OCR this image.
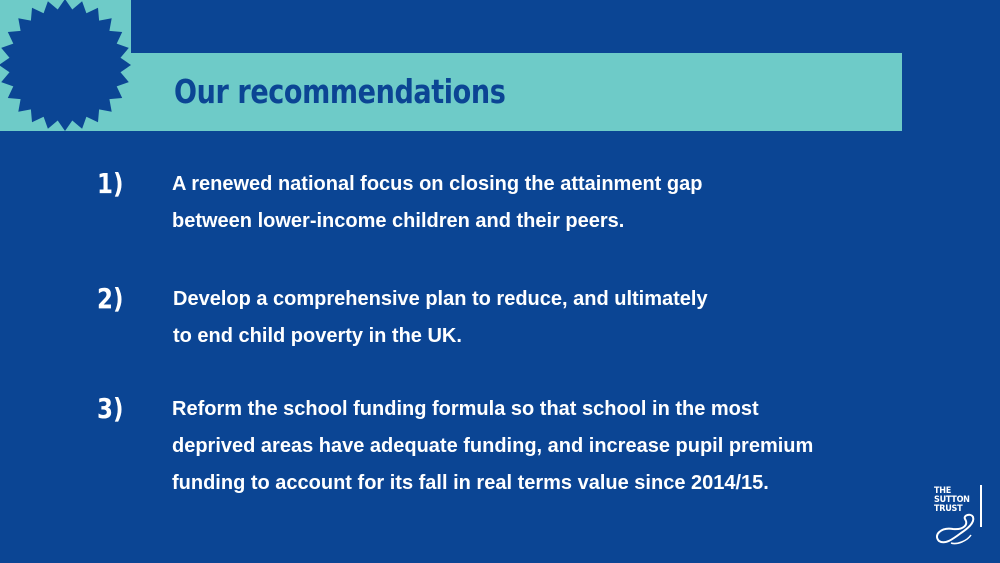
Our recommendations
1) A renewed national focus on closing the attainment gap
between lower-income children and their peers.
2) Develop a comprehensive plan to reduce, and ultimately
to end child poverty in the UK.
3) Reform the school funding formula so that school in the most
deprived areas have adequate funding, and increase pupil premium
funding to account for its fall in real terms value since 2014/15.	THE
SUTTON
TRUST
